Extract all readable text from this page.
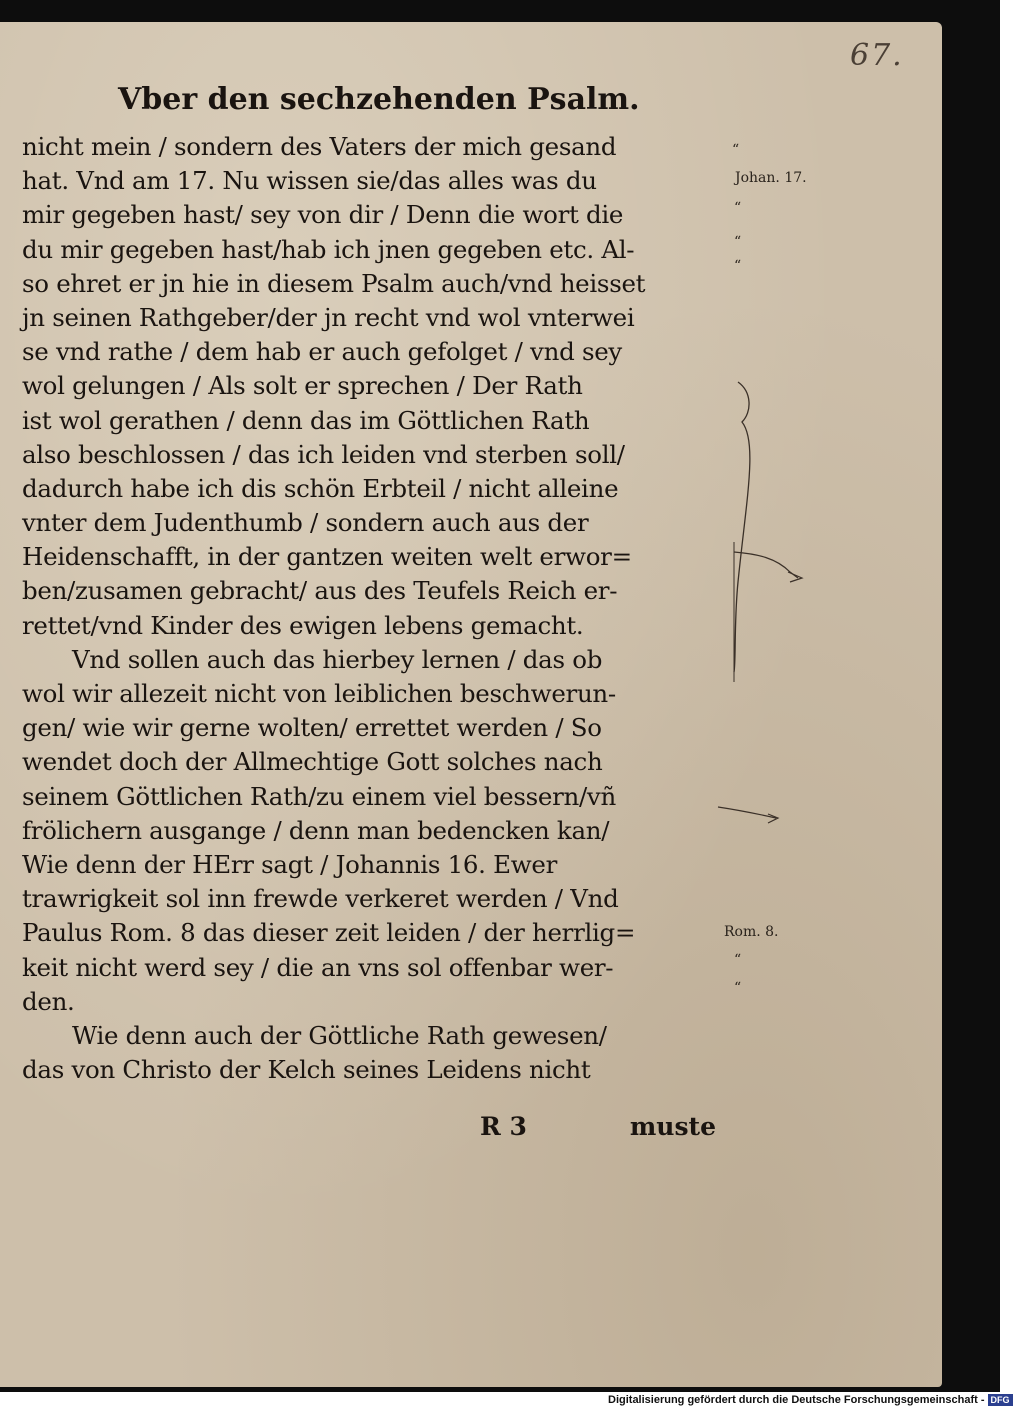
67.
Vber den sechzehenden Psalm.
nicht mein / sondern des Vaters der mich gesand
hat. Vnd am 17. Nu wissen sie/das alles was du
mir gegeben hast/ sey von dir / Denn die wort die
du mir gegeben hast/hab ich jnen gegeben etc. Al-
so ehret er jn hie in diesem Psalm auch/vnd heisset
jn seinen Rathgeber/der jn recht vnd wol vnterwei
se vnd rathe / dem hab er auch gefolget / vnd sey
wol gelungen / Als solt er sprechen / Der Rath
ist wol gerathen / denn das im Göttlichen Rath
also beschlossen / das ich leiden vnd sterben soll/
dadurch habe ich dis schön Erbteil / nicht alleine
vnter dem Judenthumb / sondern auch aus der
Heidenschafft, in der gantzen weiten welt erwor=
ben/zusamen gebracht/ aus des Teufels Reich er-
rettet/vnd Kinder des ewigen lebens gemacht.
Vnd sollen auch das hierbey lernen / das ob
wol wir allezeit nicht von leiblichen beschwerun-
gen/ wie wir gerne wolten/ errettet werden / So
wendet doch der Allmechtige Gott solches nach
seinem Göttlichen Rath/zu einem viel bessern/vñ
frölichern ausgange / denn man bedencken kan/
Wie denn der HErr sagt / Johannis 16. Ewer
trawrigkeit sol inn frewde verkeret werden / Vnd
Paulus Rom. 8 das dieser zeit leiden / der herrlig=
keit nicht werd sey / die an vns sol offenbar wer-
den.
Wie denn auch der Göttliche Rath gewesen/
das von Christo der Kelch seines Leidens nicht
“
Johan. 17.
“
“
“
Rom. 8.
“
“
R 3	muste
Digitalisierung gefördert durch die Deutsche Forschungsgemeinschaft - DFG
